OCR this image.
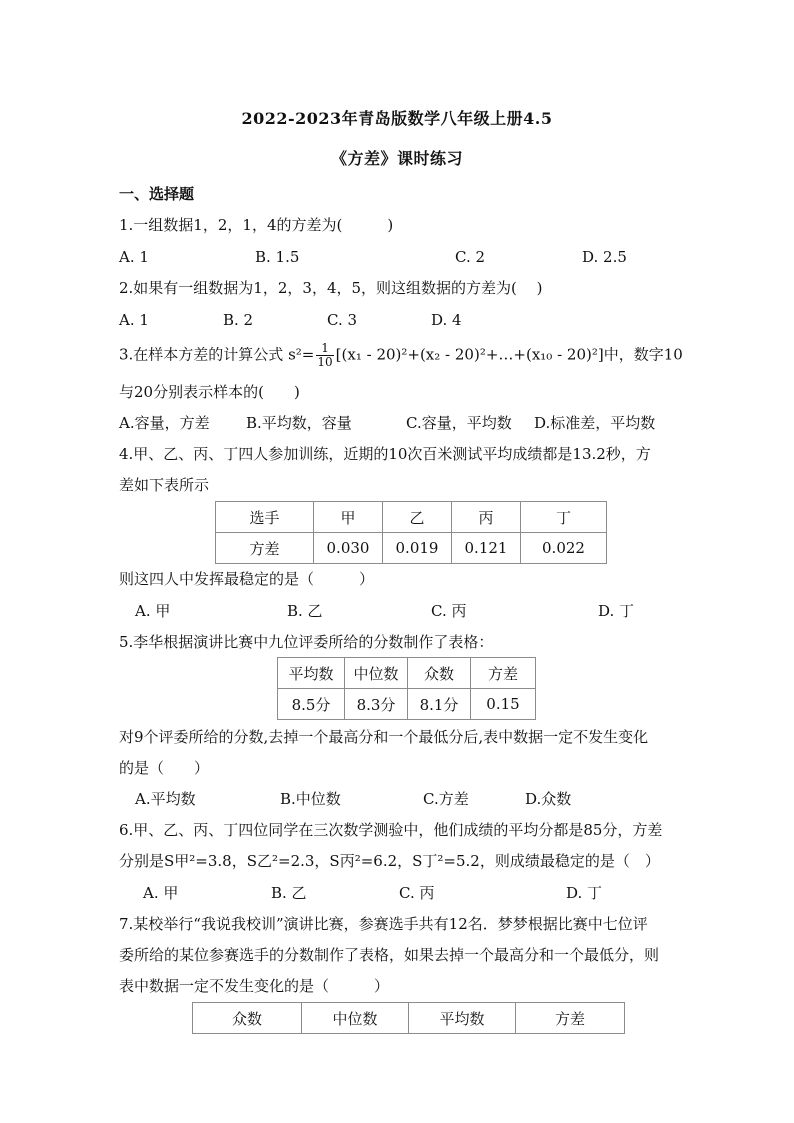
2022-2023年青岛版数学八年级上册4.5
《方差》课时练习
一、选择题
1.一组数据1，2，1，4的方差为(　　　)
A. 1	B. 1.5	C. 2	D. 2.5
2.如果有一组数据为1，2，3，4，5，则这组数据的方差为(　 )
A. 1	B. 2	C. 3	D. 4
3.在样本方差的计算公式 $s^2= \frac{1}{10} [(x_1 - 20)^2+(x_2$ - 20)²+…+(x₁₀ - 20)²]中，数字10
与20分别表示样本的(　　)
A.容量，方差 B.平均数，容量	C.容量，平均数 D.标准差，平均数
4.甲、乙、丙、丁四人参加训练，近期的10次百米测试平均成绩都是13.2秒，方
差如下表所示
选手	甲	乙	丙	丁
方差	0.030	0.019	0.121	0.022
则这四人中发挥最稳定的是（　　　）
A. 甲	B. 乙	C. 丙	D. 丁
5.李华根据演讲比赛中九位评委所给的分数制作了表格：
平均数	中位数	众数	方差
8.5分	8.3分	8.1分	0.15
对9个评委所给的分数,去掉一个最高分和一个最低分后,表中数据一定不发生变化
的是（　　）
A.平均数	B.中位数	C.方差	D.众数
6.甲、乙、丙、丁四位同学在三次数学测验中，他们成绩的平均分都是85分，方差
分别是S甲²=3.8，S乙²=2.3，S丙²=6.2，S丁²=5.2，则成绩最稳定的是（　）
A. 甲	B. 乙	C. 丙	D. 丁
7.某校举行“我说我校训”演讲比赛，参赛选手共有12名．梦梦根据比赛中七位评
委所给的某位参赛选手的分数制作了表格，如果去掉一个最高分和一个最低分，则
表中数据一定不发生变化的是（　　　）
众数	中位数	平均数	方差
